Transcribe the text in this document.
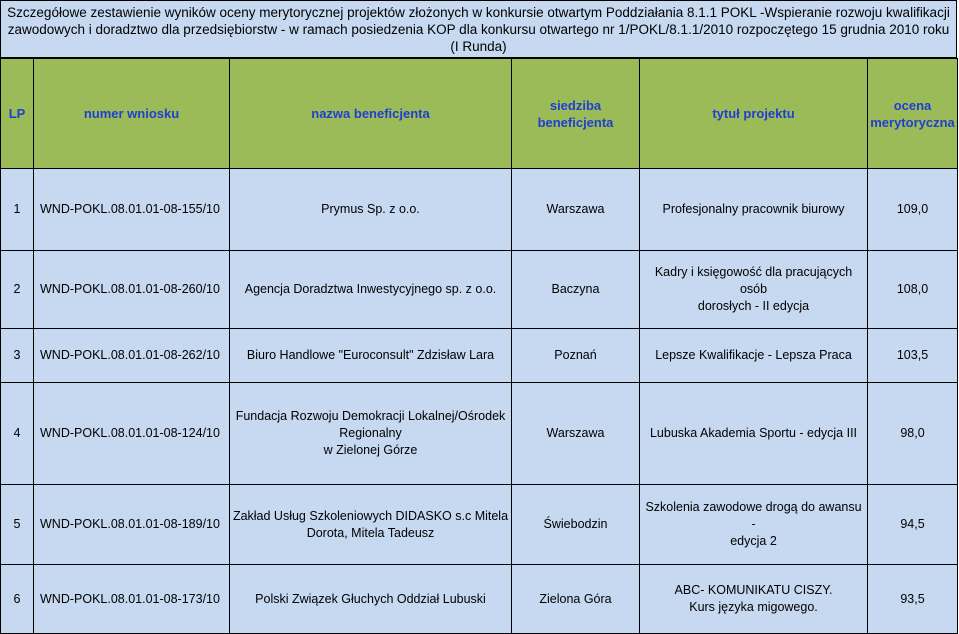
Szczegółowe zestawienie wyników oceny merytorycznej projektów złożonych w konkursie otwartym Poddziałania 8.1.1 POKL -Wspieranie rozwoju kwalifikacji
zawodowych i doradztwo dla przedsiębiorstw - w ramach posiedzenia KOP dla konkursu otwartego nr 1/POKL/8.1.1/2010 rozpoczętego 15 grudnia 2010 roku
(I Runda)
LP	numer wniosku	nazwa beneficjenta	siedziba
beneficjenta	tytuł projektu	ocena
merytoryczna

1	WND-POKL.08.01.01-08-155/10	Prymus Sp. z o.o.	Warszawa	Profesjonalny pracownik biurowy	109,0
2	WND-POKL.08.01.01-08-260/10	Agencja Doradztwa Inwestycyjnego sp. z o.o.	Baczyna	Kadry i księgowość dla pracujących osób
dorosłych - II edycja	108,0
3	WND-POKL.08.01.01-08-262/10	Biuro Handlowe "Euroconsult" Zdzisław Lara	Poznań	Lepsze Kwalifikacje - Lepsza Praca	103,5
4	WND-POKL.08.01.01-08-124/10	Fundacja Rozwoju Demokracji Lokalnej/Ośrodek
Regionalny
w Zielonej Górze	Warszawa	Lubuska Akademia Sportu - edycja III	98,0
5	WND-POKL.08.01.01-08-189/10	Zakład Usług Szkoleniowych DIDASKO s.c Mitela
Dorota, Mitela Tadeusz	Świebodzin	Szkolenia zawodowe drogą do awansu -
edycja 2	94,5
6	WND-POKL.08.01.01-08-173/10	Polski Związek Głuchych Oddział Lubuski	Zielona Góra	ABC- KOMUNIKATU CISZY.
Kurs języka migowego.	93,5
